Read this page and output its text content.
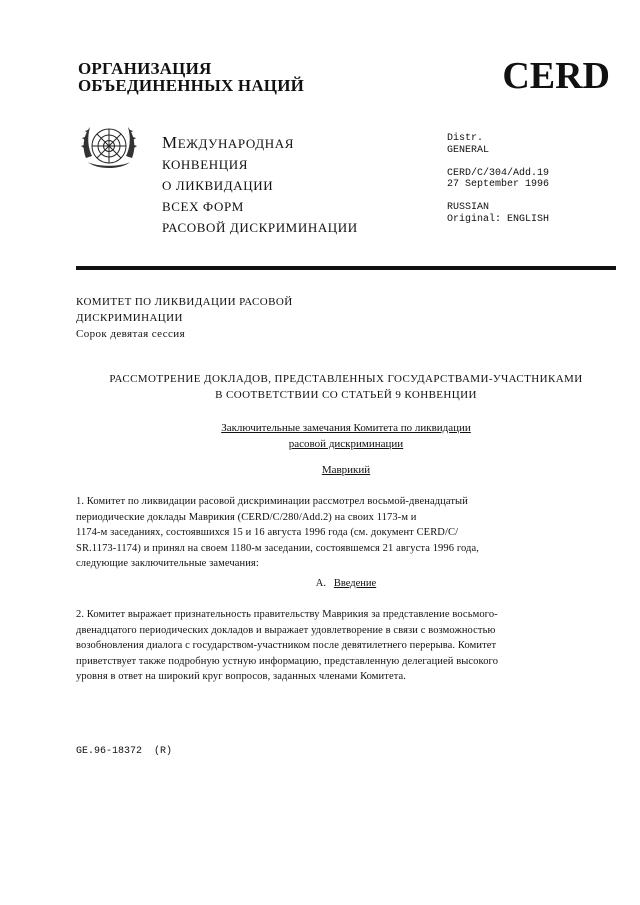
ОРГАНИЗАЦИЯ
ОБЪЕДИНЕННЫХ НАЦИЙ	CERD
МЕЖДУНАРОДНАЯ
КОНВЕНЦИЯ
О ЛИКВИДАЦИИ
ВСЕХ ФОРМ
РАСОВОЙ ДИСКРИМИНАЦИИ
Distr.
GENERAL

CERD/C/304/Add.19
27 September 1996

RUSSIAN
Original: ENGLISH
КОМИТЕТ ПО ЛИКВИДАЦИИ РАСОВОЙ
ДИСКРИМИНАЦИИ
Сорок девятая сессия
РАССМОТРЕНИЕ ДОКЛАДОВ, ПРЕДСТАВЛЕННЫХ ГОСУДАРСТВАМИ-УЧАСТНИКАМИ
В СООТВЕТСТВИИ СО СТАТЬЕЙ 9 КОНВЕНЦИИ
Заключительные замечания Комитета по ликвидации
расовой дискриминации
Маврикий
1. Комитет по ликвидации расовой дискриминации рассмотрел восьмой-двенадцатый
периодические доклады Маврикия (CERD/C/280/Add.2) на своих 1173-м и
1174-м заседаниях, состоявшихся 15 и 16 августа 1996 года (см. документ CERD/C/
SR.1173-1174) и принял на своем 1180-м заседании, состоявшемся 21 августа 1996 года,
следующие заключительные замечания:
A. Введение
2. Комитет выражает признательность правительству Маврикия за представление восьмого-
двенадцатого периодических докладов и выражает удовлетворение в связи с возможностью
возобновления диалога с государством-участником после девятилетнего перерыва. Комитет
приветствует также подробную устную информацию, представленную делегацией высокого
уровня в ответ на широкий круг вопросов, заданных членами Комитета.
GE.96-18372  (R)
